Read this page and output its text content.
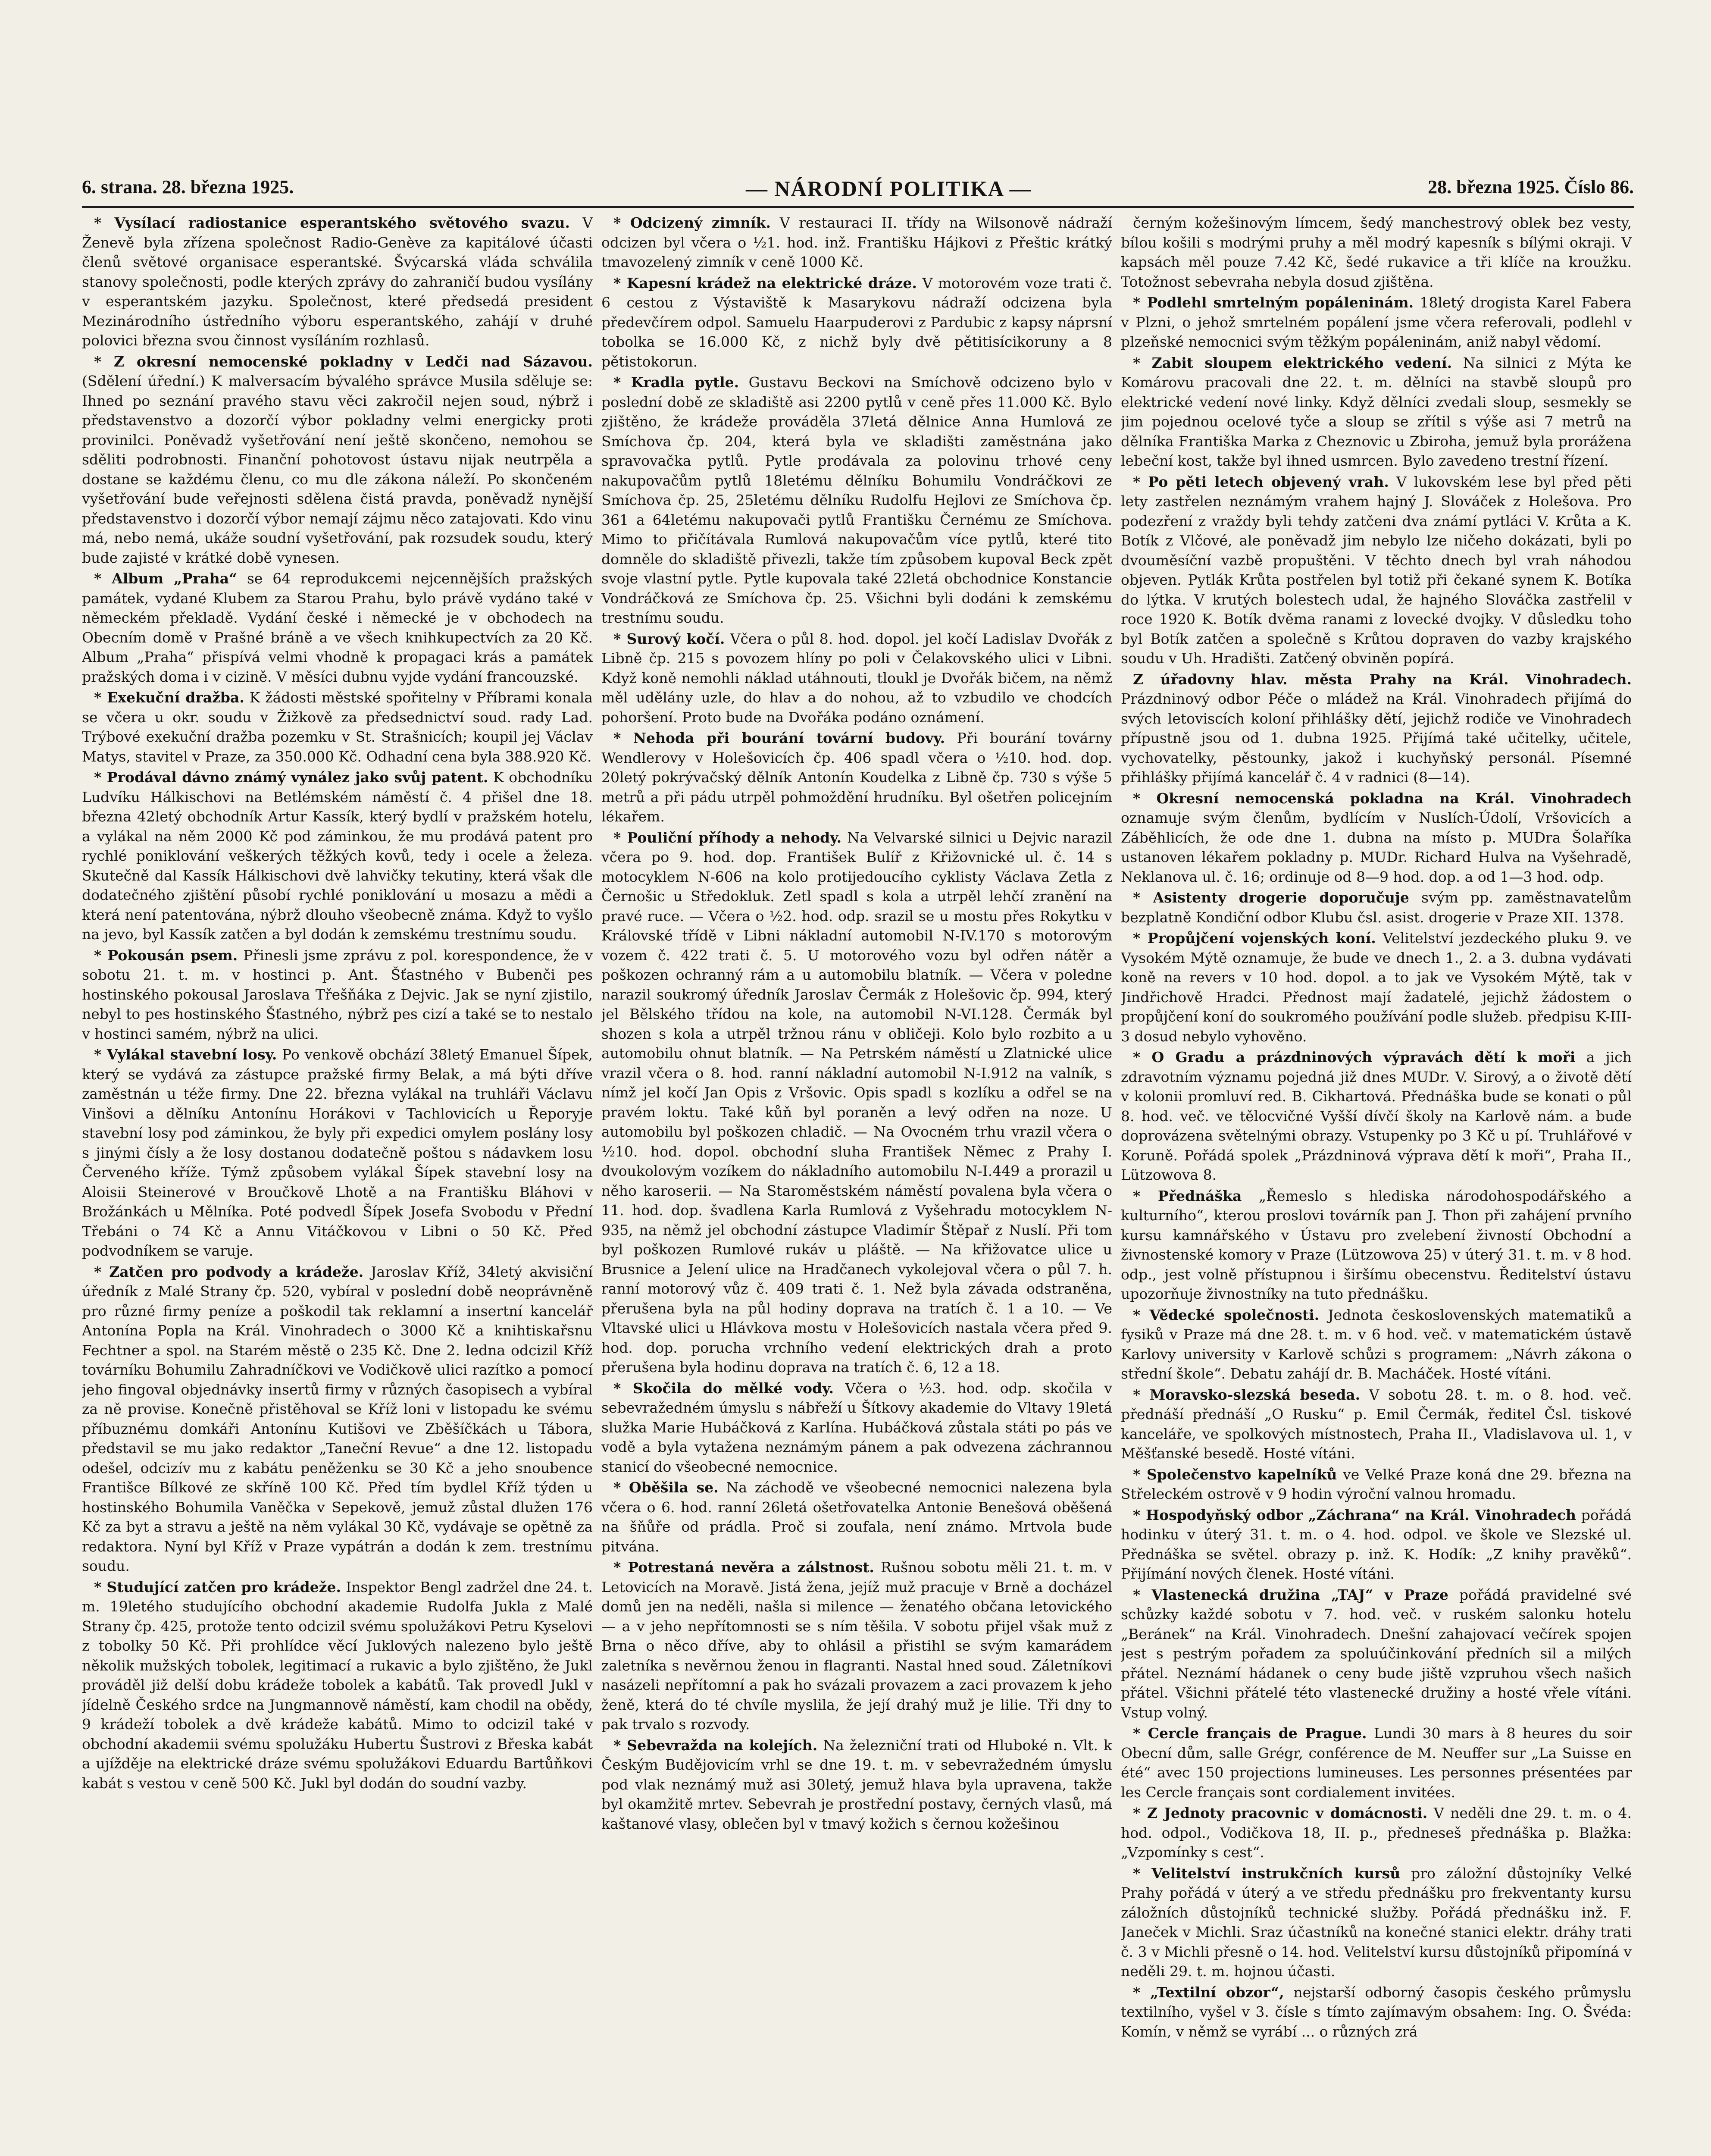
6. strana. 28. března 1925.	— NÁRODNÍ POLITIKA —	28. března 1925. Číslo 86.

* Vysílací radiostanice esperantského světového svazu. V Ženevě byla zřízena společnost Radio-Genève za kapitálové účasti členů světové organisace esperantské. Švýcarská vláda schválila stanovy společnosti, podle kterých zprávy do zahraničí budou vysílány v esperantském jazyku. Společnost, které předsedá president Mezinárodního ústředního výboru esperantského, zahájí v druhé polovici března svou činnost vysíláním rozhlasů.

* Z okresní nemocenské pokladny v Ledči nad Sázavou. (Sdělení úřední.) K malversacím bývalého správce Musila sděluje se: Ihned po seznání pravého stavu věci zakročil nejen soud, nýbrž i představenstvo a dozorčí výbor pokladny velmi energicky proti provinilci. Poněvadž vyšetřování není ještě skončeno, nemohou se sděliti podrobnosti. Finanční pohotovost ústavu nijak neutrpěla a dostane se každému členu, co mu dle zákona náleží. Po skončeném vyšetřování bude veřejnosti sdělena čistá pravda, poněvadž nynější představenstvo i dozorčí výbor nemají zájmu něco zatajovati. Kdo vinu má, nebo nemá, ukáže soudní vyšetřování, pak rozsudek soudu, který bude zajisté v krátké době vynesen.

* Album „Praha“ se 64 reprodukcemi nejcennějších pražských památek, vydané Klubem za Starou Prahu, bylo právě vydáno také v německém překladě. Vydání české i německé je v obchodech na Obecním domě v Prašné bráně a ve všech knihkupectvích za 20 Kč. Album „Praha“ přispívá velmi vhodně k propagaci krás a památek pražských doma i v cizině. V měsíci dubnu vyjde vydání francouzské.

* Exekuční dražba. K žádosti městské spořitelny v Příbrami konala se včera u okr. soudu v Žižkově za předsednictví soud. rady Lad. Trýbové exekuční dražba pozemku v St. Strašnicích; koupil jej Václav Matys, stavitel v Praze, za 350.000 Kč. Odhadní cena byla 388.920 Kč.

* Prodával dávno známý vynález jako svůj patent. K obchodníku Ludvíku Hálkischovi na Betlémském náměstí č. 4 přišel dne 18. března 42letý obchodník Artur Kassík, který bydlí v pražském hotelu, a vylákal na něm 2000 Kč pod záminkou, že mu prodává patent pro rychlé poniklování veškerých těžkých kovů, tedy i ocele a železa. Skutečně dal Kassík Hálkischovi dvě lahvičky tekutiny, která však dle dodatečného zjištění působí rychlé poniklování u mosazu a mědi a která není patentována, nýbrž dlouho všeobecně známa. Když to vyšlo na jevo, byl Kassík zatčen a byl dodán k zemskému trestnímu soudu.

* Pokousán psem. Přinesli jsme zprávu z pol. korespondence, že v sobotu 21. t. m. v hostinci p. Ant. Šťastného v Bubenči pes hostinského pokousal Jaroslava Třešňáka z Dejvic. Jak se nyní zjistilo, nebyl to pes hostinského Šťastného, nýbrž pes cizí a také se to nestalo v hostinci samém, nýbrž na ulici.

* Vylákal stavební losy. Po venkově obchází 38letý Emanuel Šípek, který se vydává za zástupce pražské firmy Belak, a má býti dříve zaměstnán u téže firmy. Dne 22. března vylákal na truhláři Václavu Vinšovi a dělníku Antonínu Horákovi v Tachlovicích u Řeporyje stavební losy pod záminkou, že byly při expedici omylem poslány losy s jinými čísly a že losy dostanou dodatečně poštou s nádavkem losu Červeného kříže. Týmž způsobem vylákal Šípek stavební losy na Aloisii Steinerové v Broučkově Lhotě a na Františku Bláhovi v Brožánkách u Mělníka. Poté podvedl Šípek Josefa Svobodu v Přední Třebáni o 74 Kč a Annu Vitáčkovou v Libni o 50 Kč. Před podvodníkem se varuje.

* Zatčen pro podvody a krádeže. Jaroslav Kříž, 34letý akvisiční úředník z Malé Strany čp. 520, vybíral v poslední době neoprávněně pro různé firmy peníze a poškodil tak reklamní a insertní kancelář Antonína Popla na Král. Vinohradech o 3000 Kč a knihtiskařsnu Fechtner a spol. na Starém městě o 235 Kč. Dne 2. ledna odcizil Kříž továrníku Bohumilu Zahradníčkovi ve Vodičkově ulici razítko a pomocí jeho fingoval objednávky insertů firmy v různých časopisech a vybíral za ně provise. Konečně přistěhoval se Kříž loni v listopadu ke svému příbuznému domkáři Antonínu Kutišovi ve Zběšíčkách u Tábora, představil se mu jako redaktor „Taneční Revue“ a dne 12. listopadu odešel, odcizív mu z kabátu peněženku se 30 Kč a jeho snoubence Františce Bílkové ze skříně 100 Kč. Před tím bydlel Kříž týden u hostinského Bohumila Vaněčka v Sepekově, jemuž zůstal dlužen 176 Kč za byt a stravu a ještě na něm vylákal 30 Kč, vydávaje se opětně za redaktora. Nyní byl Kříž v Praze vypátrán a dodán k zem. trestnímu soudu.

* Studující zatčen pro krádeže. Inspektor Bengl zadržel dne 24. t. m. 19letého studujícího obchodní akademie Rudolfa Jukla z Malé Strany čp. 425, protože tento odcizil svému spolužákovi Petru Kyselovi z tobolky 50 Kč. Při prohlídce věcí Juklových nalezeno bylo ještě několik mužských tobolek, legitimací a rukavic a bylo zjištěno, že Jukl prováděl již delší dobu krádeže tobolek a kabátů. Tak provedl Jukl v jídelně Českého srdce na Jungmannově náměstí, kam chodil na obědy, 9 krádeží tobolek a dvě krádeže kabátů. Mimo to odcizil také v obchodní akademii svému spolužáku Hubertu Šustrovi z Břeska kabát a ujížděje na elektrické dráze svému spolužákovi Eduardu Bartůňkovi kabát s vestou v ceně 500 Kč. Jukl byl dodán do soudní vazby.

* Odcizený zimník. V restauraci II. třídy na Wilsonově nádraží odcizen byl včera o ½1. hod. inž. Františku Hájkovi z Přeštic krátký tmavozelený zimník v ceně 1000 Kč.

* Kapesní krádež na elektrické dráze. V motorovém voze trati č. 6 cestou z Výstaviště k Masarykovu nádraží odcizena byla předevčírem odpol. Samuelu Haarpuderovi z Pardubic z kapsy náprsní tobolka se 16.000 Kč, z nichž byly dvě pětitisícikoruny a 8 pětistokorun.

* Kradla pytle. Gustavu Beckovi na Smíchově odcizeno bylo v poslední době ze skladiště asi 2200 pytlů v ceně přes 11.000 Kč. Bylo zjištěno, že krádeže prováděla 37letá dělnice Anna Humlová ze Smíchova čp. 204, která byla ve skladišti zaměstnána jako spravovačka pytlů. Pytle prodávala za polovinu trhové ceny nakupovačům pytlů 18letému dělníku Bohumilu Vondráčkovi ze Smíchova čp. 25, 25letému dělníku Rudolfu Hejlovi ze Smíchova čp. 361 a 64letému nakupovači pytlů Františku Černému ze Smíchova. Mimo to přičítávala Rumlová nakupovačům více pytlů, které tito domněle do skladiště přivezli, takže tím způsobem kupoval Beck zpět svoje vlastní pytle. Pytle kupovala také 22letá obchodnice Konstancie Vondráčková ze Smíchova čp. 25. Všichni byli dodáni k zemskému trestnímu soudu.

* Surový kočí. Včera o půl 8. hod. dopol. jel kočí Ladislav Dvořák z Libně čp. 215 s povozem hlíny po poli v Čelakovského ulici v Libni. Když koně nemohli náklad utáhnouti, tloukl je Dvořák bičem, na němž měl udělány uzle, do hlav a do nohou, až to vzbudilo ve chodcích pohoršení. Proto bude na Dvořáka podáno oznámení.

* Nehoda při bourání tovární budovy. Při bourání továrny Wendlerovy v Holešovicích čp. 406 spadl včera o ½10. hod. dop. 20letý pokrývačský dělník Antonín Koudelka z Libně čp. 730 s výše 5 metrů a při pádu utrpěl pohmoždění hrudníku. Byl ošetřen policejním lékařem.

* Pouliční příhody a nehody. Na Velvarské silnici u Dejvic narazil včera po 9. hod. dop. František Bulíř z Křižovnické ul. č. 14 s motocyklem N-606 na kolo protijedoucího cyklisty Václava Zetla z Černošic u Středokluk. Zetl spadl s kola a utrpěl lehčí zranění na pravé ruce. — Včera o ½2. hod. odp. srazil se u mostu přes Rokytku v Královské třídě v Libni nákladní automobil N-IV.170 s motorovým vozem č. 422 trati č. 5. U motorového vozu byl odřen nátěr a poškozen ochranný rám a u automobilu blatník. — Včera v poledne narazil soukromý úředník Jaroslav Čermák z Holešovic čp. 994, který jel Bělského třídou na kole, na automobil N-VI.128. Čermák byl shozen s kola a utrpěl tržnou ránu v obličeji. Kolo bylo rozbito a u automobilu ohnut blatník. — Na Petrském náměstí u Zlatnické ulice vrazil včera o 8. hod. ranní nákladní automobil N-I.912 na valník, s nímž jel kočí Jan Opis z Vršovic. Opis spadl s kozlíku a odřel se na pravém loktu. Také kůň byl poraněn a levý odřen na noze. U automobilu byl poškozen chladič. — Na Ovocném trhu vrazil včera o ½10. hod. dopol. obchodní sluha František Němec z Prahy I. dvoukolovým vozíkem do nákladního automobilu N-I.449 a prorazil u něho karoserii. — Na Staroměstském náměstí povalena byla včera o 11. hod. dop. švadlena Karla Rumlová z Vyšehradu motocyklem N-935, na němž jel obchodní zástupce Vladimír Štěpař z Nuslí. Při tom byl poškozen Rumlové rukáv u pláště. — Na křižovatce ulice u Brusnice a Jelení ulice na Hradčanech vykolejoval včera o půl 7. h. ranní motorový vůz č. 409 trati č. 1. Než byla závada odstraněna, přerušena byla na půl hodiny doprava na tratích č. 1 a 10. — Ve Vltavské ulici u Hlávkova mostu v Holešovicích nastala včera před 9. hod. dop. porucha vrchního vedení elektrických drah a proto přerušena byla hodinu doprava na tratích č. 6, 12 a 18.

* Skočila do mělké vody. Včera o ½3. hod. odp. skočila v sebevražedném úmyslu s nábřeží u Šítkovy akademie do Vltavy 19letá služka Marie Hubáčková z Karlína. Hubáčková zůstala státi po pás ve vodě a byla vytažena neznámým pánem a pak odvezena záchrannou stanicí do všeobecné nemocnice.

* Oběšila se. Na záchodě ve všeobecné nemocnici nalezena byla včera o 6. hod. ranní 26letá ošetřovatelka Antonie Benešová oběšená na šňůře od prádla. Proč si zoufala, není známo. Mrtvola bude pitvána.

* Potrestaná nevěra a zálstnost. Rušnou sobotu měli 21. t. m. v Letovicích na Moravě. Jistá žena, jejíž muž pracuje v Brně a docházel domů jen na neděli, našla si milence — ženatého občana letovického — a v jeho nepřítomnosti se s ním těšila. V sobotu přijel však muž z Brna o něco dříve, aby to ohlásil a přistihl se svým kamarádem zaletníka s nevěrnou ženou in flagranti. Nastal hned soud. Záletníkovi nasázeli nepřítomní a pak ho svázali provazem a zaci provazem k jeho ženě, která do té chvíle myslila, že její drahý muž je lilie. Tři dny to pak trvalo s rozvody.

* Sebevražda na kolejích. Na železniční trati od Hluboké n. Vlt. k Českým Budějovicím vrhl se dne 19. t. m. v sebevražedném úmyslu pod vlak neznámý muž asi 30letý, jemuž hlava byla upravena, takže byl okamžitě mrtev. Sebevrah je prostřední postavy, černých vlasů, má kaštanové vlasy, oblečen byl v tmavý kožich s černou kožešinou

černým kožešinovým límcem, šedý manchestrový oblek bez vesty, bílou košili s modrými pruhy a měl modrý kapesník s bílými okraji. V kapsách měl pouze 7.42 Kč, šedé rukavice a tři klíče na kroužku. Totožnost sebevraha nebyla dosud zjištěna.

* Podlehl smrtelným popáleninám. 18letý drogista Karel Fabera v Plzni, o jehož smrtelném popálení jsme včera referovali, podlehl v plzeňské nemocnici svým těžkým popáleninám, aniž nabyl vědomí.

* Zabit sloupem elektrického vedení. Na silnici z Mýta ke Komárovu pracovali dne 22. t. m. dělníci na stavbě sloupů pro elektrické vedení nové linky. Když dělníci zvedali sloup, sesmekly se jim pojednou ocelové tyče a sloup se zřítil s výše asi 7 metrů na dělníka Františka Marka z Cheznovic u Zbiroha, jemuž byla prorážena lebeční kost, takže byl ihned usmrcen. Bylo zavedeno trestní řízení.

* Po pěti letech objevený vrah. V lukovském lese byl před pěti lety zastřelen neznámým vrahem hajný J. Slováček z Holešova. Pro podezření z vraždy byli tehdy zatčeni dva známí pytláci V. Krůta a K. Botík z Vlčové, ale poněvadž jim nebylo lze ničeho dokázati, byli po dvouměsíční vazbě propuštěni. V těchto dnech byl vrah náhodou objeven. Pytlák Krůta postřelen byl totiž při čekané synem K. Botíka do lýtka. V krutých bolestech udal, že hajného Slováčka zastřelil v roce 1920 K. Botík dvěma ranami z lovecké dvojky. V důsledku toho byl Botík zatčen a společně s Krůtou dopraven do vazby krajského soudu v Uh. Hradišti. Zatčený obviněn popírá.

Z úřadovny hlav. města Prahy na Král. Vinohradech. Prázdninový odbor Péče o mládež na Král. Vinohradech přijímá do svých letoviscích koloní přihlášky dětí, jejichž rodiče ve Vinohradech přípustně jsou od 1. dubna 1925. Přijímá také učitelky, učitele, vychovatelky, pěstounky, jakož i kuchyňský personál. Písemné přihlášky přijímá kancelář č. 4 v radnici (8—14).

* Okresní nemocenská pokladna na Král. Vinohradech oznamuje svým členům, bydlícím v Nuslích-Údolí, Vršovicích a Záběhlicích, že ode dne 1. dubna na místo p. MUDra Šolaříka ustanoven lékařem pokladny p. MUDr. Richard Hulva na Vyšehradě, Neklanova ul. č. 16; ordinuje od 8—9 hod. dop. a od 1—3 hod. odp.

* Asistenty drogerie doporučuje svým pp. zaměstnavatelům bezplatně Kondiční odbor Klubu čsl. asist. drogerie v Praze XII. 1378.

* Propůjčení vojenských koní. Velitelství jezdeckého pluku 9. ve Vysokém Mýtě oznamuje, že bude ve dnech 1., 2. a 3. dubna vydávati koně na revers v 10 hod. dopol. a to jak ve Vysokém Mýtě, tak v Jindřichově Hradci. Přednost mají žadatelé, jejichž žádostem o propůjčení koní do soukromého používání podle služeb. předpisu K-III-3 dosud nebylo vyhověno.

* O Gradu a prázdninových výpravách dětí k moři a jich zdravotním významu pojedná již dnes MUDr. V. Sirový, a o životě dětí v kolonii promluví red. B. Cikhartová. Přednáška bude se konati o půl 8. hod. več. ve tělocvičné Vyšší dívčí školy na Karlově nám. a bude doprovázena světelnými obrazy. Vstupenky po 3 Kč u pí. Truhlářové v Koruně. Pořádá spolek „Prázdninová výprava dětí k moři“, Praha II., Lützowova 8.

* Přednáška „Řemeslo s hlediska národohospodářského a kulturního“, kterou proslovi továrník pan J. Thon při zahájení prvního kursu kamnářského v Ústavu pro zvelebení živností Obchodní a živnostenské komory v Praze (Lützowova 25) v úterý 31. t. m. v 8 hod. odp., jest volně přístupnou i širšímu obecenstvu. Ředitelství ústavu upozorňuje živnostníky na tuto přednášku.

* Vědecké společnosti. Jednota československých matematiků a fysiků v Praze má dne 28. t. m. v 6 hod. več. v matematickém ústavě Karlovy university v Karlově schůzi s programem: „Návrh zákona o střední škole“. Debatu zahájí dr. B. Macháček. Hosté vítáni.

* Moravsko-slezská beseda. V sobotu 28. t. m. o 8. hod. več. přednáší přednáší „O Rusku“ p. Emil Čermák, ředitel Čsl. tiskové kanceláře, ve spolkových místnostech, Praha II., Vladislavova ul. 1, v Měšťanské besedě. Hosté vítáni.

* Společenstvo kapelníků ve Velké Praze koná dne 29. března na Střeleckém ostrově v 9 hodin výroční valnou hromadu.

* Hospodyňský odbor „Záchrana“ na Král. Vinohradech pořádá hodinku v úterý 31. t. m. o 4. hod. odpol. ve škole ve Slezské ul. Přednáška se světel. obrazy p. inž. K. Hodík: „Z knihy pravěků“. Přijímání nových členek. Hosté vítáni.

* Vlastenecká družina „TAJ“ v Praze pořádá pravidelné své schůzky každé sobotu v 7. hod. več. v ruském salonku hotelu „Beránek“ na Král. Vinohradech. Dnešní zahajovací večírek spojen jest s pestrým pořadem za spoluúčinkování předních sil a milých přátel. Neznámí hádanek o ceny bude jiště vzpruhou všech našich přátel. Všichni přátelé této vlastenecké družiny a hosté vřele vítáni. Vstup volný.

* Cercle français de Prague. Lundi 30 mars à 8 heures du soir Obecní dům, salle Grégr, conférence de M. Neuffer sur „La Suisse en été“ avec 150 projections lumineuses. Les personnes présentées par les Cercle français sont cordialement invitées.

* Z Jednoty pracovnic v domácnosti. V neděli dne 29. t. m. o 4. hod. odpol., Vodičkova 18, II. p., předneseš přednáška p. Blažka: „Vzpomínky s cest“.

* Velitelství instrukčních kursů pro záložní důstojníky Velké Prahy pořádá v úterý a ve středu přednášku pro frekventanty kursu záložních důstojníků technické služby. Pořádá přednášku inž. F. Janeček v Michli. Sraz účastníků na konečné stanici elektr. dráhy trati č. 3 v Michli přesně o 14. hod. Velitelství kursu důstojníků připomíná v neděli 29. t. m. hojnou účasti.

* „Textilní obzor“, nejstarší odborný časopis českého průmyslu textilního, vyšel v 3. čísle s tímto zajímavým obsahem: Ing. O. Švéda: Komín, v němž se vyrábí ... o různých zrá
